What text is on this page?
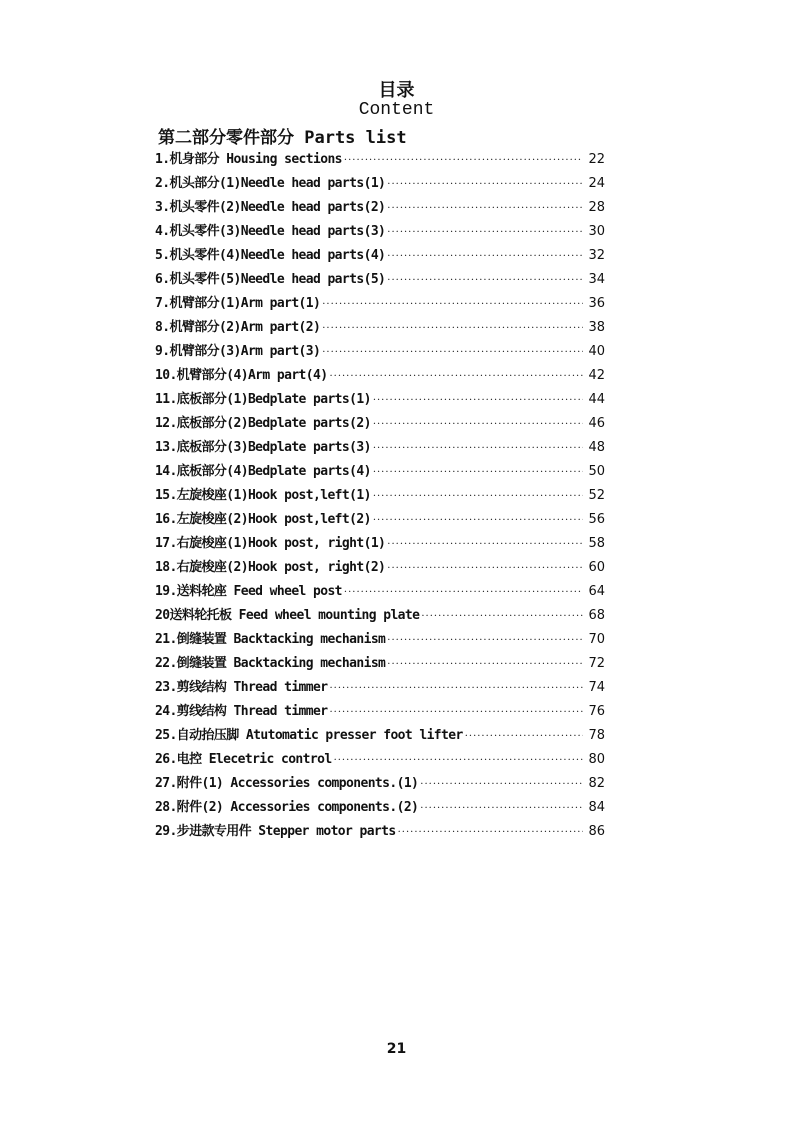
目录
Content
第二部分零件部分 Parts list
1.机身部分 Housing sections ·····	22
2.机头部分(1)Needle head parts(1) ·····	24
3.机头零件(2)Needle head parts(2) ·····	28
4.机头零件(3)Needle head parts(3) ·····	30
5.机头零件(4)Needle head parts(4) ·····	32
6.机头零件(5)Needle head parts(5) ·····	34
7.机臂部分(1)Arm part(1) ·····	36
8.机臂部分(2)Arm part(2) ·····	38
9.机臂部分(3)Arm part(3) ·····	40
10.机臂部分(4)Arm part(4) ·····	42
11.底板部分(1)Bedplate parts(1) ·····	44
12.底板部分(2)Bedplate parts(2) ·····	46
13.底板部分(3)Bedplate parts(3) ·····	48
14.底板部分(4)Bedplate parts(4) ·····	50
15.左旋梭座(1)Hook post,left(1) ·····	52
16.左旋梭座(2)Hook post,left(2) ·····	56
17.右旋梭座(1)Hook post, right(1) ·····	58
18.右旋梭座(2)Hook post, right(2) ·····	60
19.送料轮座 Feed wheel post ·····	64
20送料轮托板 Feed wheel mounting plate ·····	68
21.倒缝装置 Backtacking mechanism ·····	70
22.倒缝装置 Backtacking mechanism ·····	72
23.剪线结构 Thread timmer ·····	74
24.剪线结构 Thread timmer ·····	76
25.自动抬压脚 Atutomatic presser foot lifter ·····	78
26.电控 Elecetric control ·····	80
27.附件(1) Accessories components.(1) ·····	82
28.附件(2) Accessories components.(2) ·····	84
29.步进款专用件 Stepper motor parts ·····	86
21
